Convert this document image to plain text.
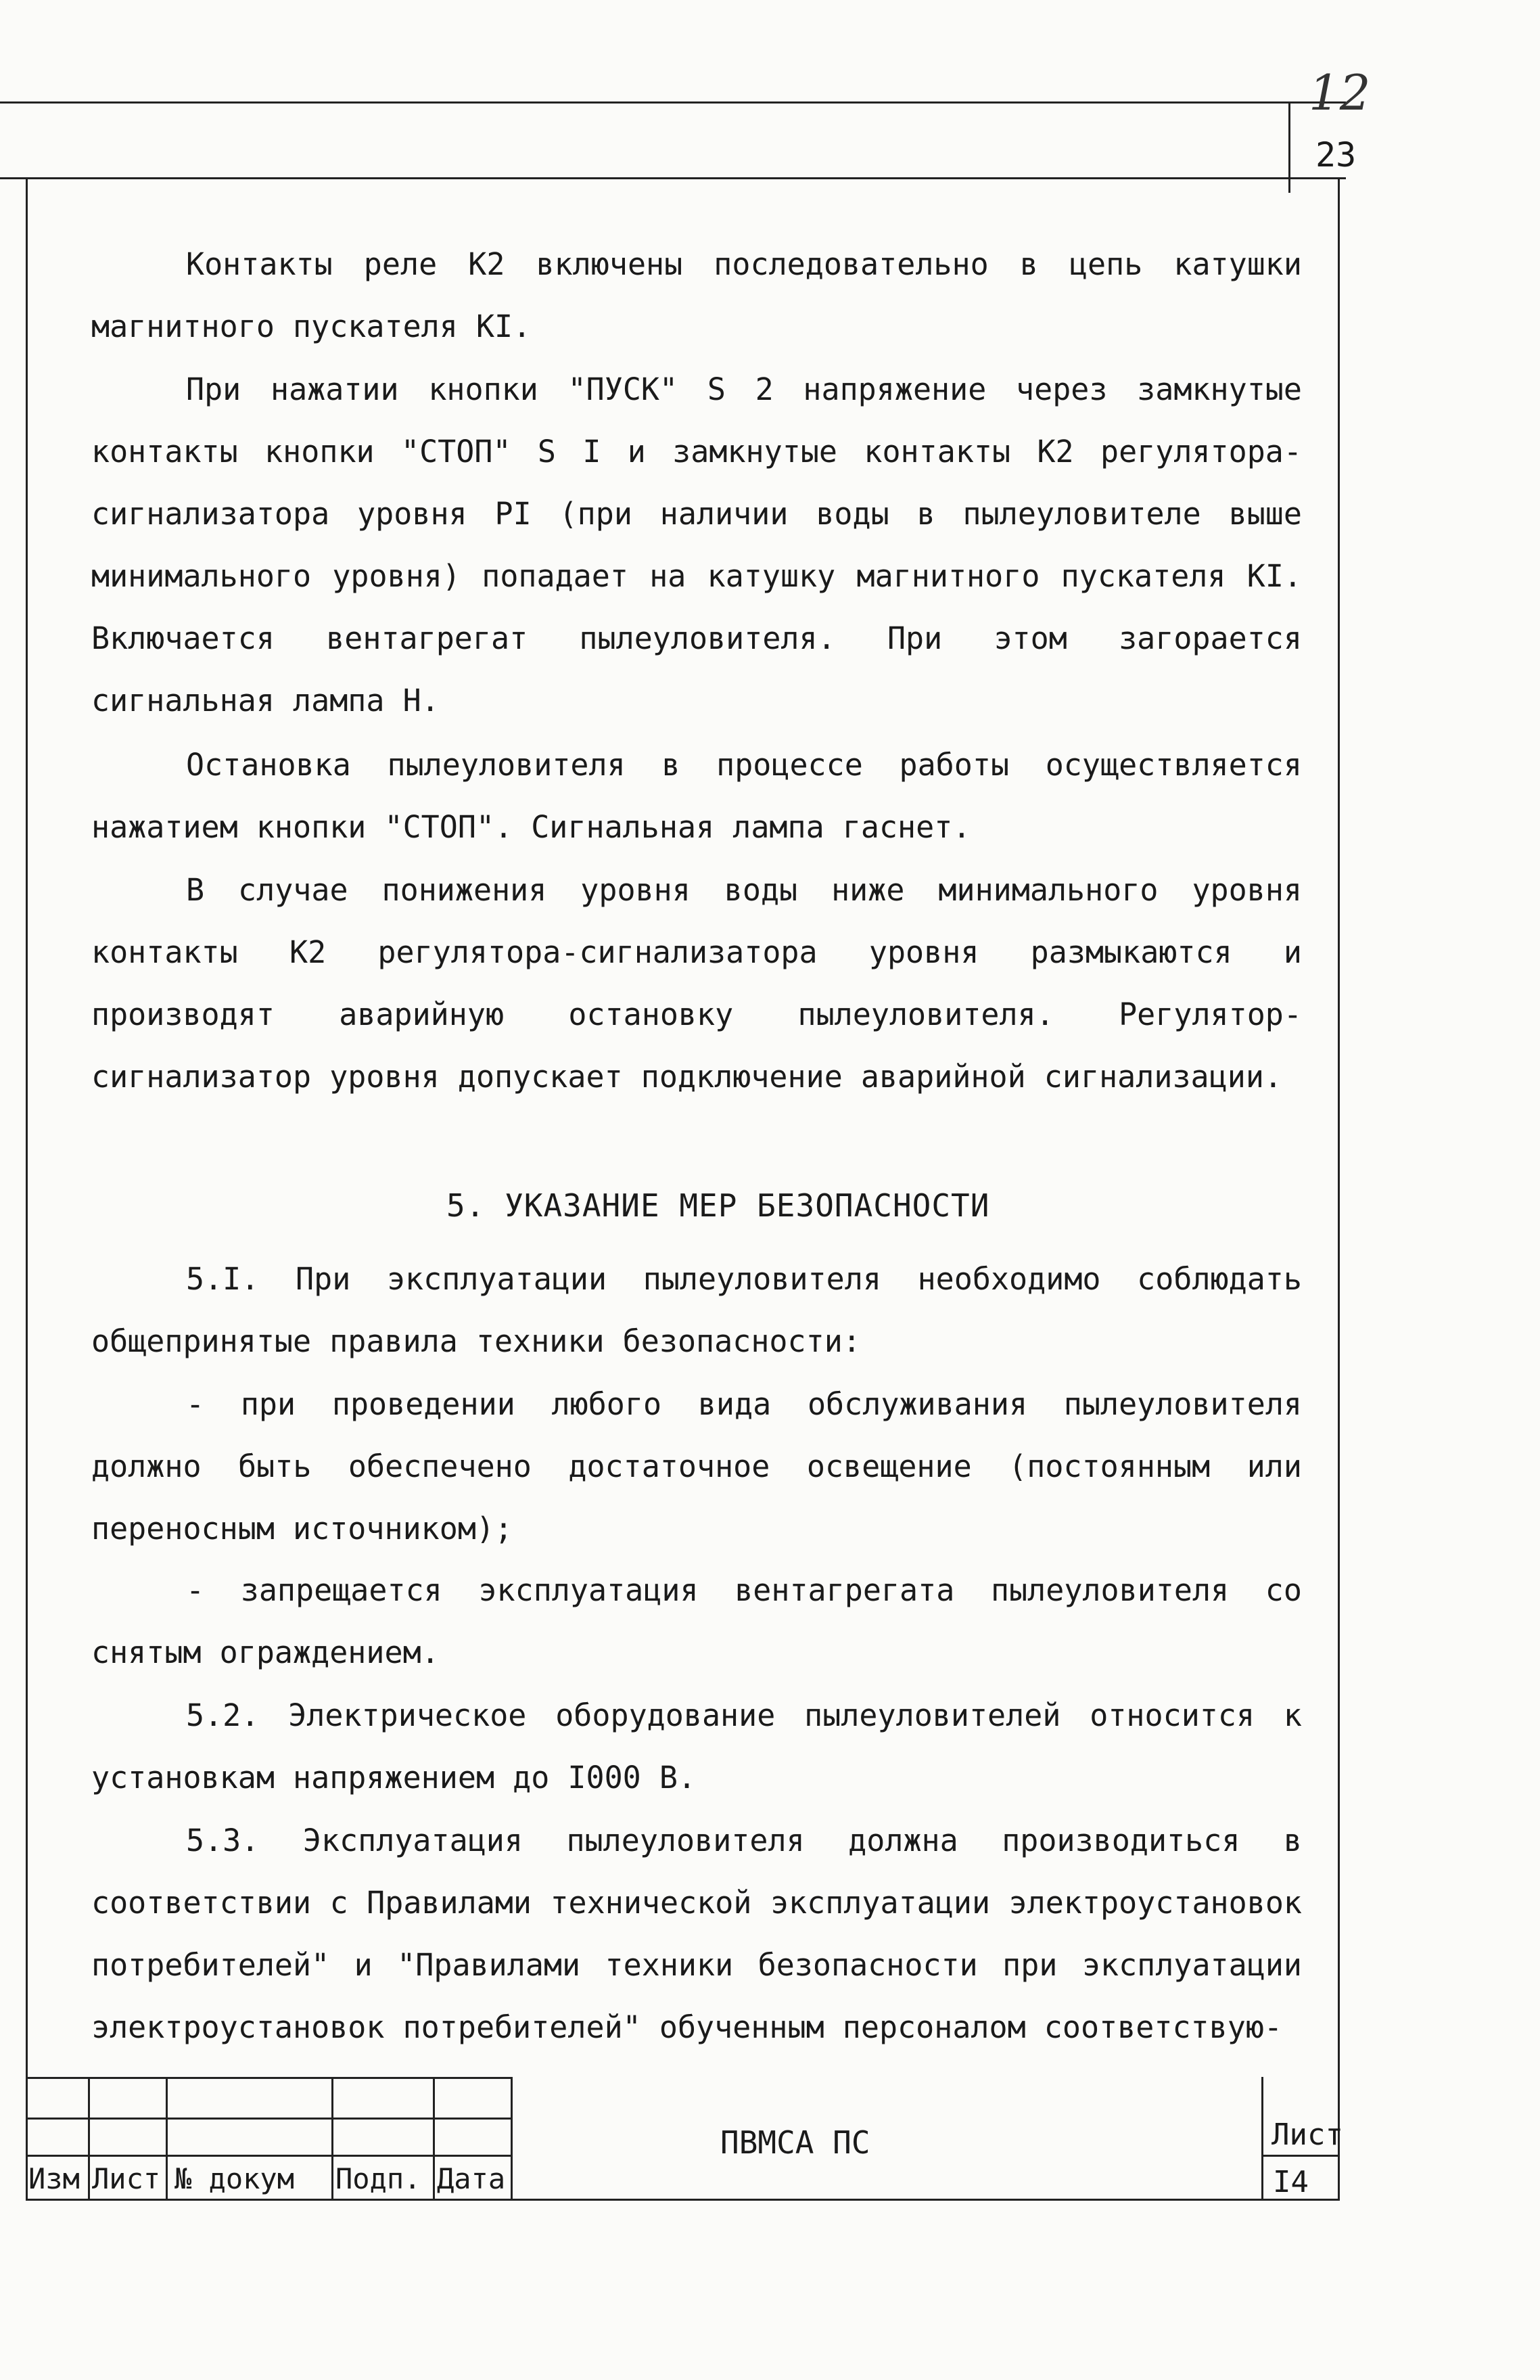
12
23

Контакты реле К2 включены последовательно в цепь катушки магнитного пускателя КI.

При нажатии кнопки "ПУСК" S 2 напряжение через замкнутые контакты кнопки "СТОП" S I и замкнутые контакты К2 регулятора-сигнализатора уровня РI (при наличии воды в пылеуловителе выше минимального уровня) попадает на катушку магнитного пускателя КI. Включается вентагрегат пылеуловителя. При этом загорается сигнальная лампа Н.

Остановка пылеуловителя в процессе работы осуществляется нажатием кнопки "СТОП". Сигнальная лампа гаснет.

В случае понижения уровня воды ниже минимального уровня контакты К2 регулятора-сигнализатора уровня размыкаются и производят аварийную остановку пылеуловителя. Регулятор-сигнализатор уровня допускает подключение аварийной сигнализации.

5. УКАЗАНИЕ МЕР БЕЗОПАСНОСТИ

5.I. При эксплуатации пылеуловителя необходимо соблюдать общепринятые правила техники безопасности:

- при проведении любого вида обслуживания пылеуловителя должно быть обеспечено достаточное освещение (постоянным или переносным источником);

- запрещается эксплуатация вентагрегата пылеуловителя со снятым ограждением.

5.2. Электрическое оборудование пылеуловителей относится к установкам напряжением до I000 В.

5.3. Эксплуатация пылеуловителя должна производиться в соответствии с Правилами технической эксплуатации электроустановок потребителей" и "Правилами техники безопасности при эксплуатации электроустановок потребителей" обученным персоналом соответствую-

Изм Лист № докум Подп. Дата
ПВМСА ПС	Лист
I4
